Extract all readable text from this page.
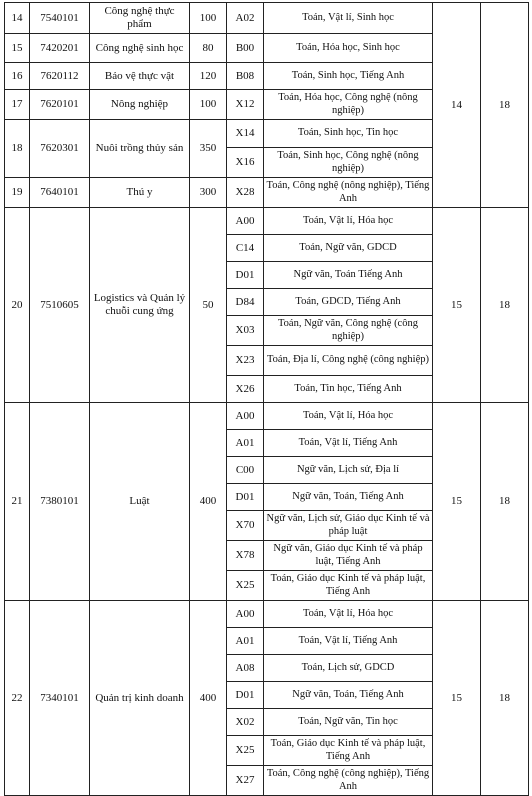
14	7540101	Công nghệ thực phẩm	100	A02	Toán, Vật lí, Sinh học	14	18
15	7420201	Công nghệ sinh học	80	B00	Toán, Hóa học, Sinh học		
16	7620112	Bảo vệ thực vật	120	B08	Toán, Sinh học, Tiếng Anh		
17	7620101	Nông nghiệp	100	X12	Toán, Hóa học, Công nghệ (nông nghiệp)		
18	7620301	Nuôi trồng thủy sản	350	X14	Toán, Sinh học, Tin học		
				X16	Toán, Sinh học, Công nghệ (nông nghiệp)		
19	7640101	Thú y	300	X28	Toán, Công nghệ (nông nghiệp), Tiếng Anh		
20	7510605	Logistics và Quản lý chuỗi cung ứng	50	A00	Toán, Vật lí, Hóa học	15	18
				C14	Toán, Ngữ văn, GDCD		
				D01	Ngữ văn, Toán Tiếng Anh		
				D84	Toán, GDCD, Tiếng Anh		
				X03	Toán, Ngữ văn, Công nghệ (công nghiệp)		
				X23	Toán, Địa lí, Công nghệ (công nghiệp)		
				X26	Toán, Tin học, Tiếng Anh		
21	7380101	Luật	400	A00	Toán, Vật lí, Hóa học	15	18
				A01	Toán, Vật lí, Tiếng Anh		
				C00	Ngữ văn, Lịch sử, Địa lí		
				D01	Ngữ văn, Toán, Tiếng Anh		
				X70	Ngữ văn, Lịch sử, Giáo dục Kinh tế và pháp luật		
				X78	Ngữ văn, Giáo dục Kinh tế và pháp luật, Tiếng Anh		
				X25	Toán, Giáo dục Kinh tế và pháp luật, Tiếng Anh		
22	7340101	Quản trị kinh doanh	400	A00	Toán, Vật lí, Hóa học	15	18
				A01	Toán, Vật lí, Tiếng Anh		
				A08	Toán, Lịch sử, GDCD		
				D01	Ngữ văn, Toán, Tiếng Anh		
				X02	Toán, Ngữ văn, Tin học		
				X25	Toán, Giáo dục Kinh tế và pháp luật, Tiếng Anh		
				X27	Toán, Công nghệ (công nghiệp), Tiếng Anh		
